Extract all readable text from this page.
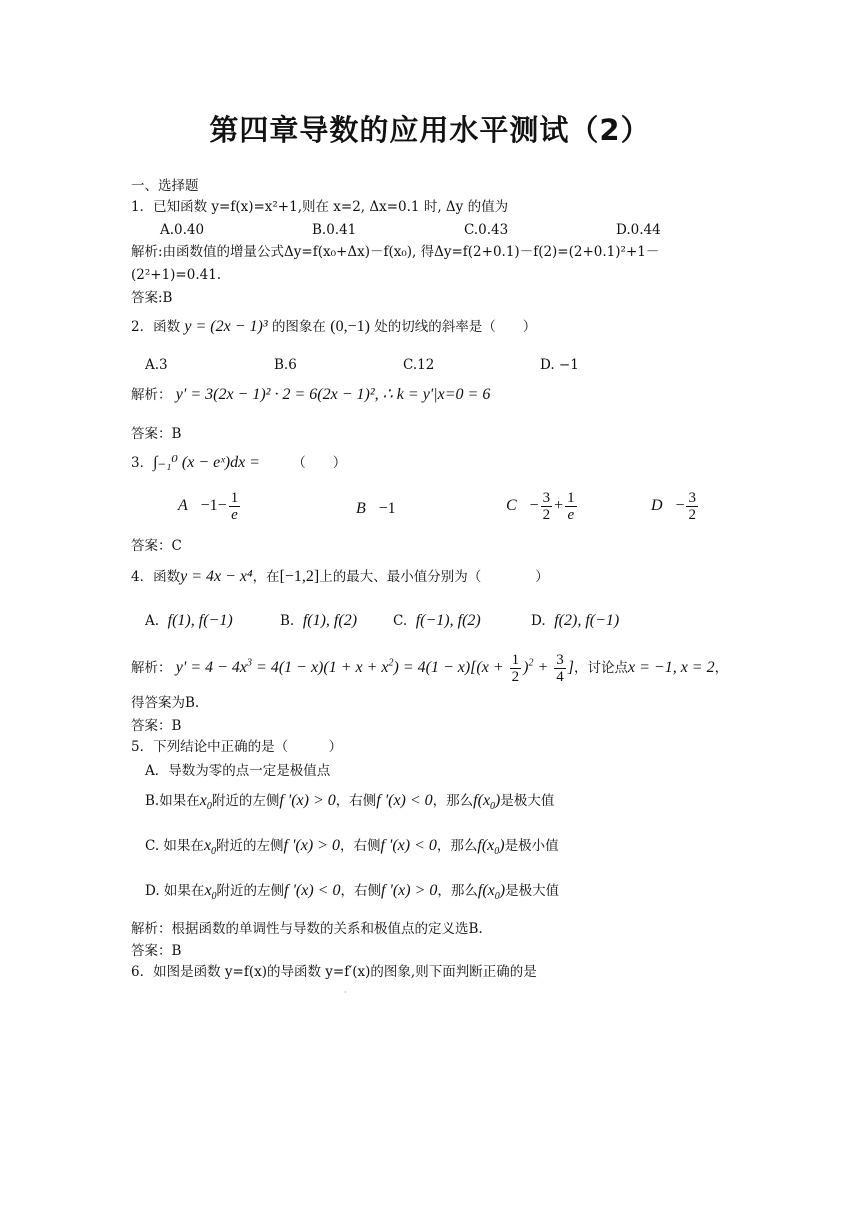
第四章导数的应用水平测试（2）
一、选择题
1．已知函数 y=f(x)=x²+1,则在 x=2, Δx=0.1 时, Δy 的值为
A.0.40	B.0.41	C.0.43	D.0.44
解析:由函数值的增量公式Δy=f(x₀+Δx)－f(x₀), 得Δy=f(2+0.1)－f(2)=(2+0.1)²+1－
(2²+1)=0.41.
答案:B
2．函数 y = (2x − 1)³ 的图象在 (0,−1) 处的切线的斜率是（　　）
A.3	B.6	C.12	D. −1
解析： y' = 3(2x − 1)² · 2 = 6(2x − 1)², ∴ k = y'|x=0 = 6
答案：B
3．∫₋₁⁰ (x − eˣ)dx = （　　）
$A -1- \frac{1}{e}$	B −1	$C - \frac{3}{2} + \frac{1}{e}$	$D - \frac{3}{2}$
答案：C
4．函数y = 4x − x⁴，在[−1,2]上的最大、最小值分别为（　　　　）
A. f(1), f(−1)	B. f(1), f(2)	C. f(−1), f(2)	D. f(2), f(−1)
解析： $y' = 4 - 4x^3 = 4(1 - x)(1 + x + x^2) = 4(1 - x)[(x + \frac{1}{2} )^2 + \frac{3}{4}$ ]，讨论点x = −1, x = 2，
得答案为B.
答案：B
5．下列结论中正确的是（　　　）
A．导数为零的点一定是极值点
B.如果在$x_0$附近的左侧f '(x) > 0，右侧f '(x) < 0，那么$f(x_0)$是极大值
C. 如果在$x_0$附近的左侧f '(x) > 0，右侧f '(x) < 0，那么$f(x_0)$是极小值
D. 如果在$x_0$附近的左侧f '(x) < 0，右侧f '(x) > 0，那么$f(x_0)$是极大值
解析：根据函数的单调性与导数的关系和极值点的定义选B.
答案：B
6．如图是函数 y=f(x)的导函数 y=f′(x)的图象,则下面判断正确的是
·
